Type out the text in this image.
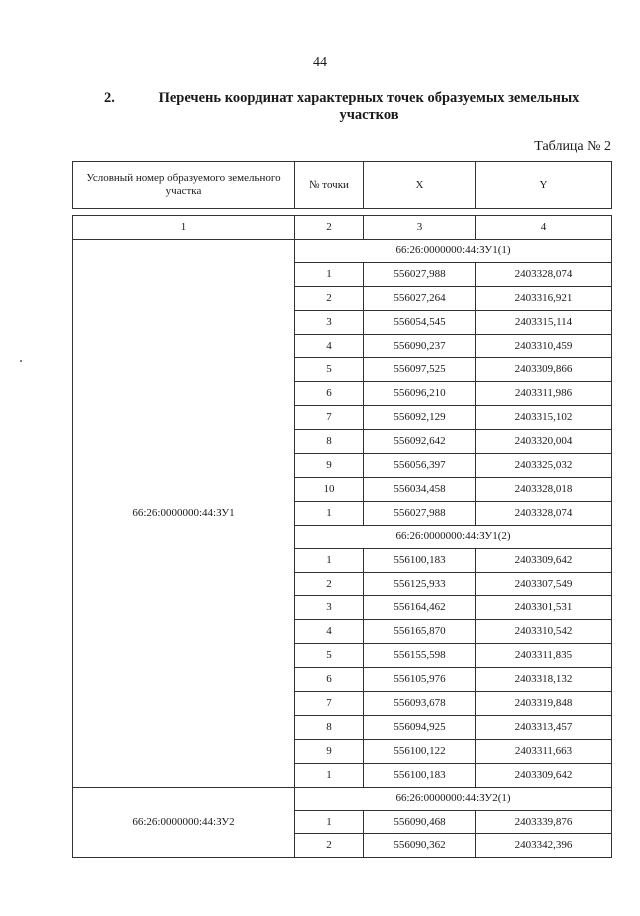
44
2.	Перечень координат характерных точек образуемых земельных участков
Таблица № 2
Условный номер образуемого земельного участка	№ точки	X	Y

1	2	3	4
66:26:0000000:44:ЗУ1	66:26:0000000:44:ЗУ1(1)		
	1	556027,988	2403328,074
	2	556027,264	2403316,921
	3	556054,545	2403315,114
	4	556090,237	2403310,459
	5	556097,525	2403309,866
	6	556096,210	2403311,986
	7	556092,129	2403315,102
	8	556092,642	2403320,004
	9	556056,397	2403325,032
	10	556034,458	2403328,018
	1	556027,988	2403328,074
	66:26:0000000:44:ЗУ1(2)		
	1	556100,183	2403309,642
	2	556125,933	2403307,549
	3	556164,462	2403301,531
	4	556165,870	2403310,542
	5	556155,598	2403311,835
	6	556105,976	2403318,132
	7	556093,678	2403319,848
	8	556094,925	2403313,457
	9	556100,122	2403311,663
	1	556100,183	2403309,642
66:26:0000000:44:ЗУ2	66:26:0000000:44:ЗУ2(1)		
	1	556090,468	2403339,876
	2	556090,362	2403342,396
